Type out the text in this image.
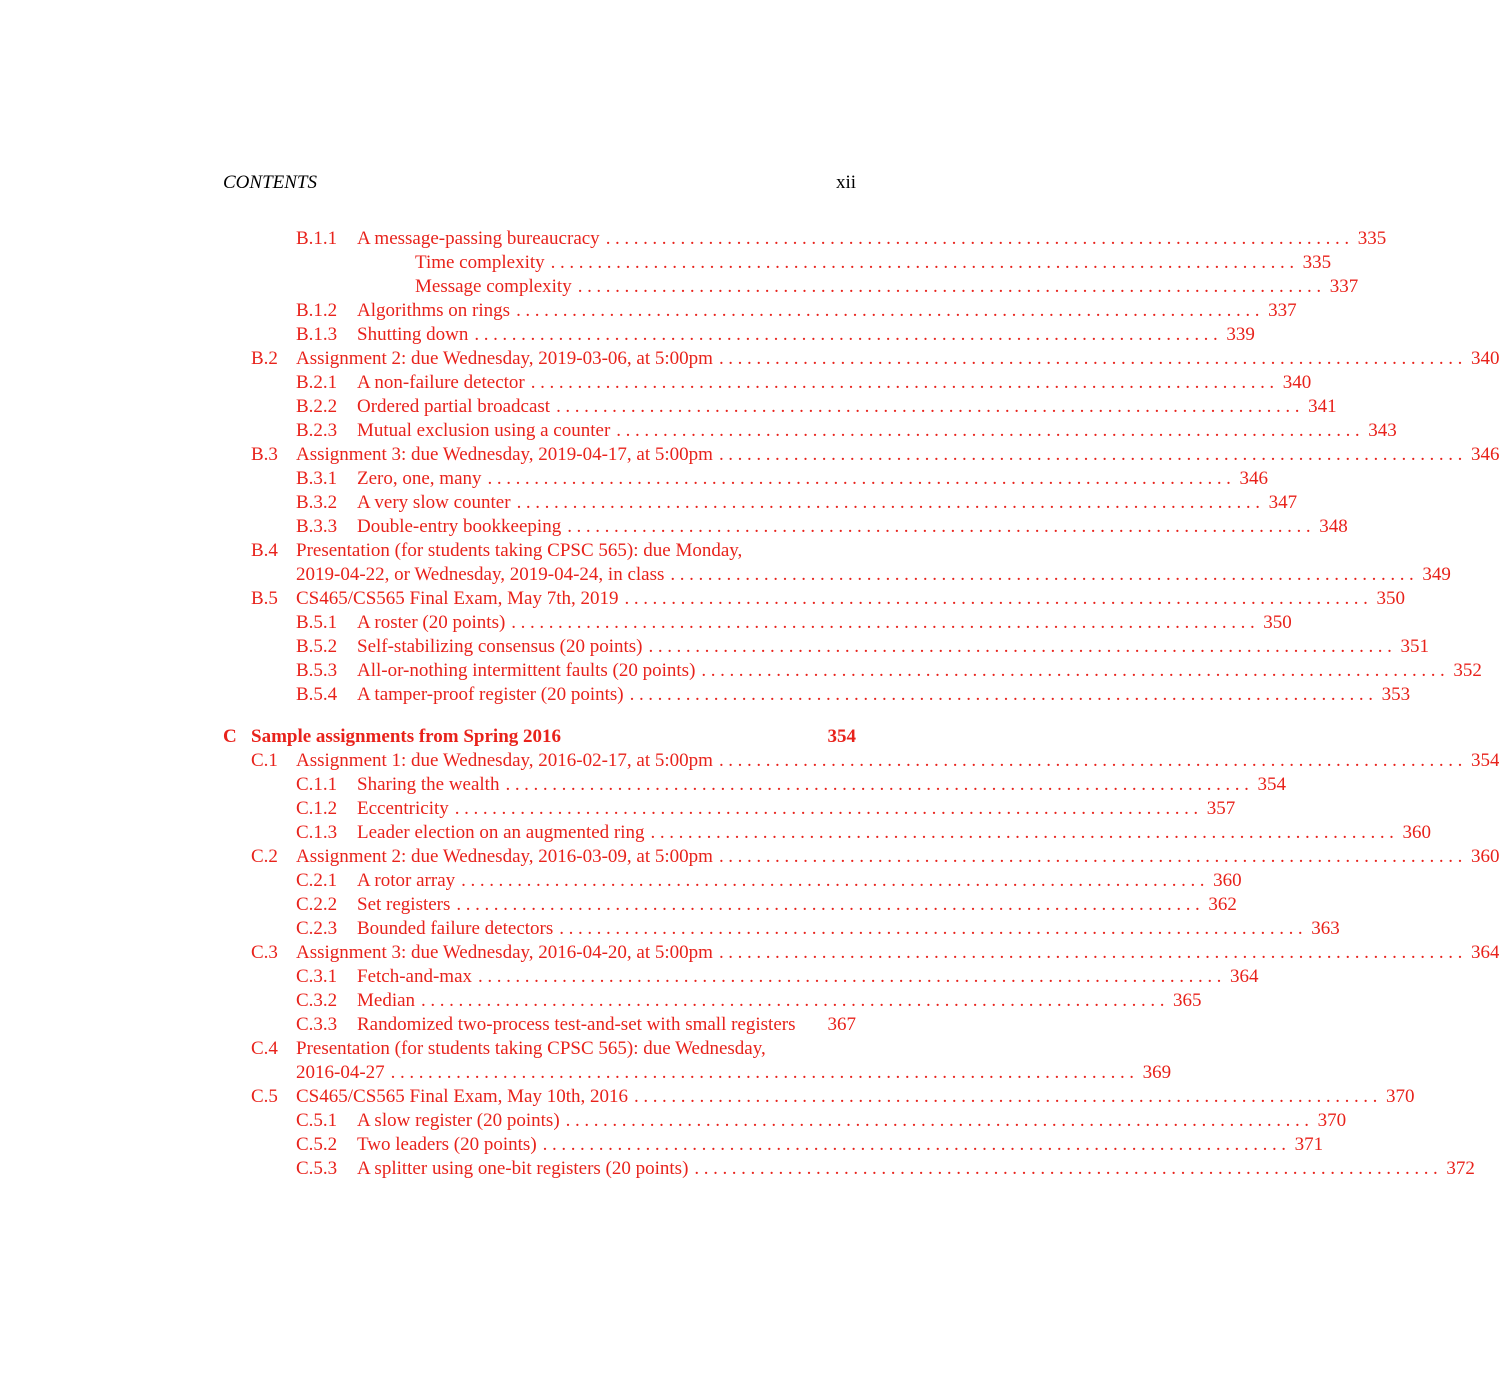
CONTENTS	xii
B.1.1 A message-passing bureaucracy ................................................................................ 335
Time complexity ................................................................................ 335
Message complexity ................................................................................ 337
B.1.2 Algorithms on rings ................................................................................ 337
B.1.3 Shutting down ................................................................................ 339
B.2 Assignment 2: due Wednesday, 2019-03-06, at 5:00pm ................................................................................ 340
B.2.1 A non-failure detector ................................................................................ 340
B.2.2 Ordered partial broadcast ................................................................................ 341
B.2.3 Mutual exclusion using a counter ................................................................................ 343
B.3 Assignment 3: due Wednesday, 2019-04-17, at 5:00pm ................................................................................ 346
B.3.1 Zero, one, many ................................................................................ 346
B.3.2 A very slow counter ................................................................................ 347
B.3.3 Double-entry bookkeeping ................................................................................ 348
B.4 Presentation (for students taking CPSC 565): due Monday,
2019-04-22, or Wednesday, 2019-04-24, in class ................................................................................ 349
B.5 CS465/CS565 Final Exam, May 7th, 2019 ................................................................................ 350
B.5.1 A roster (20 points) ................................................................................ 350
B.5.2 Self-stabilizing consensus (20 points) ................................................................................ 351
B.5.3 All-or-nothing intermittent faults (20 points) ................................................................................ 352
B.5.4 A tamper-proof register (20 points) ................................................................................ 353
C Sample assignments from Spring 2016	354
C.1 Assignment 1: due Wednesday, 2016-02-17, at 5:00pm ................................................................................ 354
C.1.1 Sharing the wealth ................................................................................ 354
C.1.2 Eccentricity ................................................................................ 357
C.1.3 Leader election on an augmented ring ................................................................................ 360
C.2 Assignment 2: due Wednesday, 2016-03-09, at 5:00pm ................................................................................ 360
C.2.1 A rotor array ................................................................................ 360
C.2.2 Set registers ................................................................................ 362
C.2.3 Bounded failure detectors ................................................................................ 363
C.3 Assignment 3: due Wednesday, 2016-04-20, at 5:00pm ................................................................................ 364
C.3.1 Fetch-and-max ................................................................................ 364
C.3.2 Median ................................................................................ 365
C.3.3 Randomized two-process test-and-set with small registers 367
C.4 Presentation (for students taking CPSC 565): due Wednesday,
2016-04-27 ................................................................................ 369
C.5 CS465/CS565 Final Exam, May 10th, 2016 ................................................................................ 370
C.5.1 A slow register (20 points) ................................................................................ 370
C.5.2 Two leaders (20 points) ................................................................................ 371
C.5.3 A splitter using one-bit registers (20 points) ................................................................................ 372
